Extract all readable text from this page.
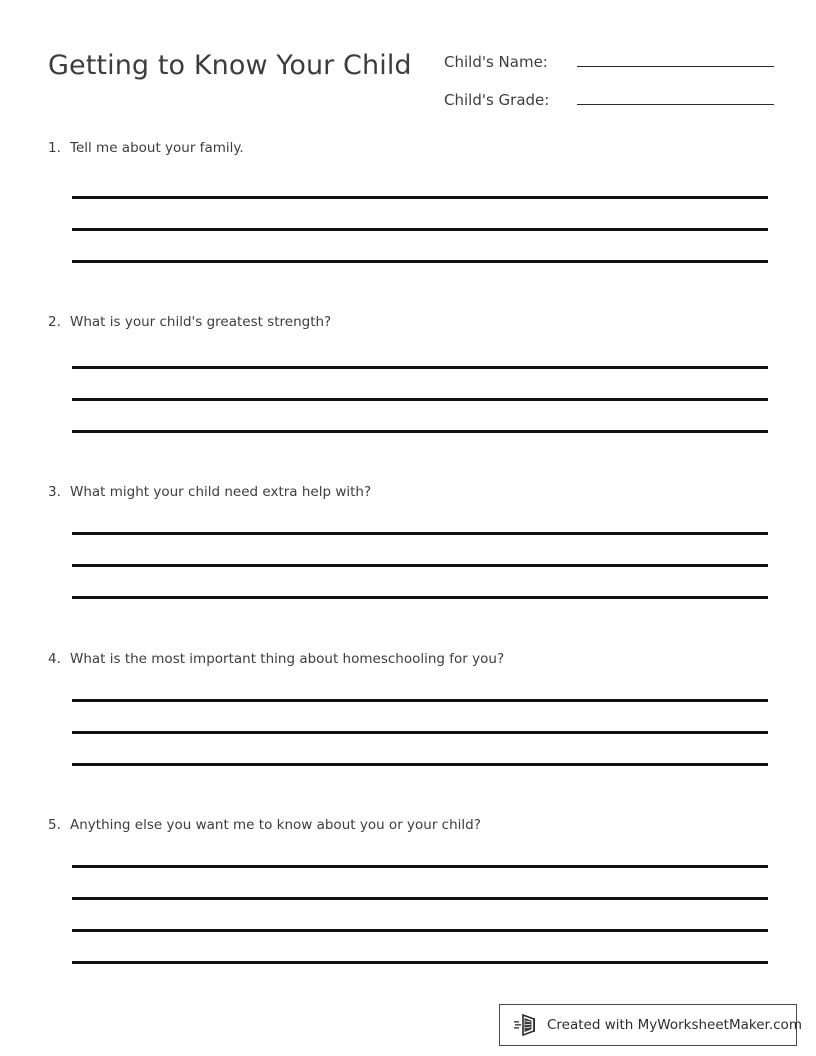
Getting to Know Your Child Child's Name:
Child's Grade:
1. Tell me about your family.
2. What is your child's greatest strength?
3. What might your child need extra help with?
4. What is the most important thing about homeschooling for you?
5. Anything else you want me to know about you or your child?
Created with MyWorksheetMaker.com
